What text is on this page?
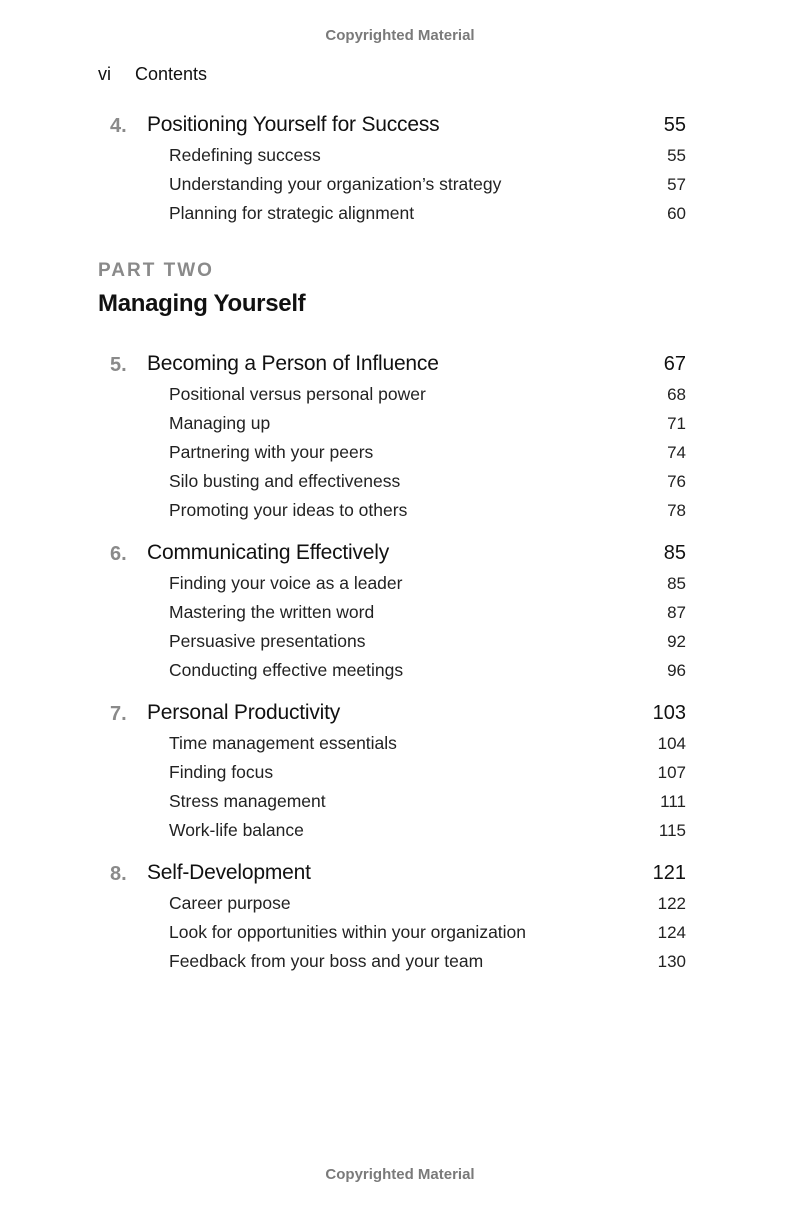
Copyrighted Material
vi Contents
4. Positioning Yourself for Success	55
Redefining success	55
Understanding your organization’s strategy	57
Planning for strategic alignment	60
PART TWO
Managing Yourself
5. Becoming a Person of Influence	67
Positional versus personal power	68
Managing up	71
Partnering with your peers	74
Silo busting and effectiveness	76
Promoting your ideas to others	78
6. Communicating Effectively	85
Finding your voice as a leader	85
Mastering the written word	87
Persuasive presentations	92
Conducting effective meetings	96
7. Personal Productivity	103
Time management essentials	104
Finding focus	107
Stress management	111
Work-life balance	115
8. Self-Development	121
Career purpose	122
Look for opportunities within your organization	124
Feedback from your boss and your team	130
Copyrighted Material
